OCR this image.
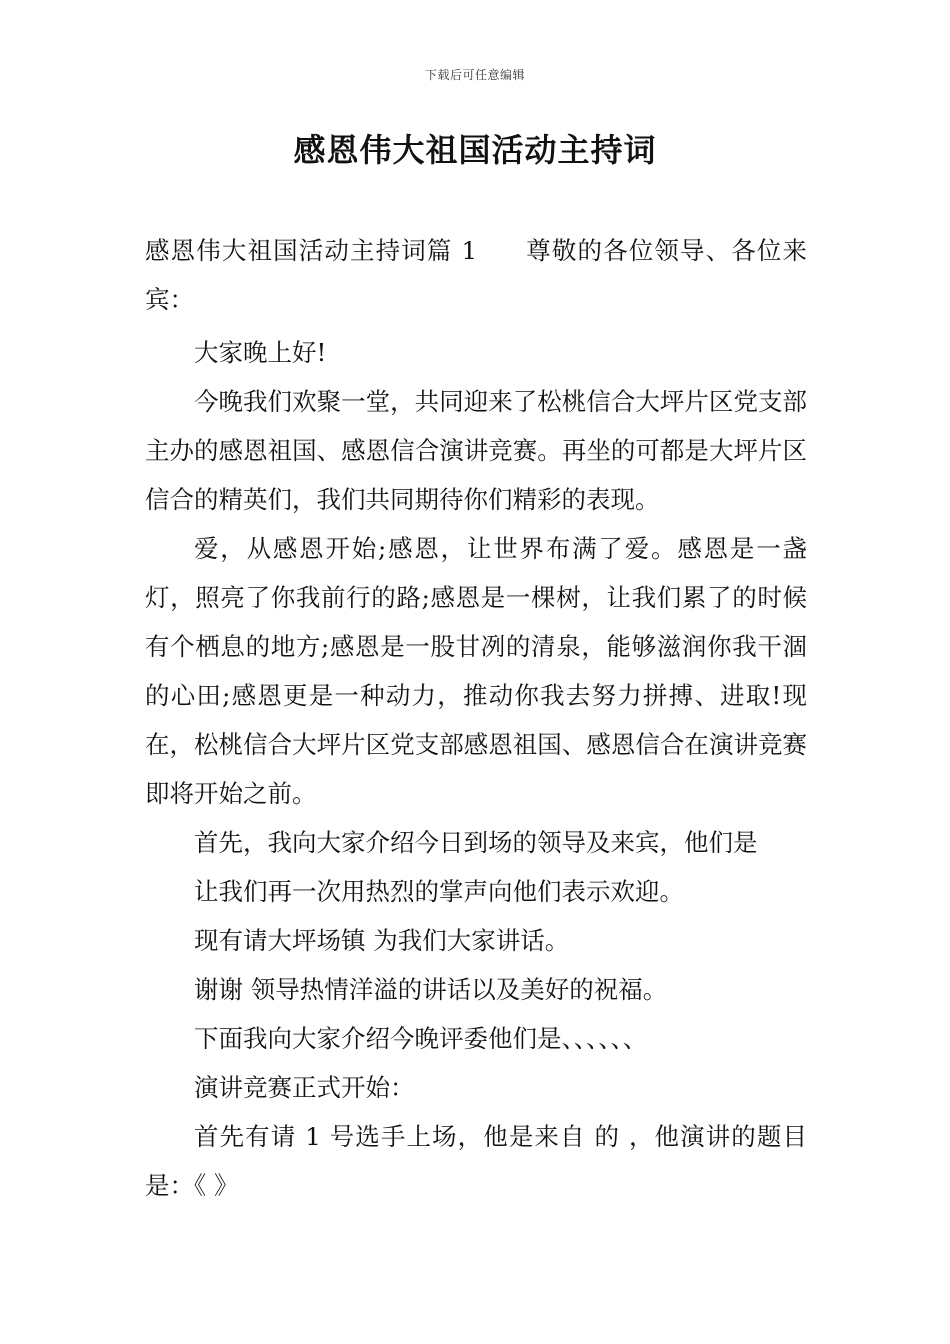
下载后可任意编辑
感恩伟大祖国活动主持词

感恩伟大祖国活动主持词篇 1 尊敬的各位领导、各位来宾：

大家晚上好!

今晚我们欢聚一堂，共同迎来了松桃信合大坪片区党支部主办的感恩祖国、感恩信合演讲竞赛。再坐的可都是大坪片区信合的精英们，我们共同期待你们精彩的表现。

爱，从感恩开始;感恩，让世界布满了爱。感恩是一盏灯，照亮了你我前行的路;感恩是一棵树，让我们累了的时候有个栖息的地方;感恩是一股甘冽的清泉，能够滋润你我干涸的心田;感恩更是一种动力，推动你我去努力拼搏、进取!现在，松桃信合大坪片区党支部感恩祖国、感恩信合在演讲竞赛即将开始之前。

首先，我向大家介绍今日到场的领导及来宾，他们是

让我们再一次用热烈的掌声向他们表示欢迎。

现有请大坪场镇 为我们大家讲话。

谢谢 领导热情洋溢的讲话以及美好的祝福。

下面我向大家介绍今晚评委他们是、、、、、、

演讲竞赛正式开始：

首先有请 1 号选手上场，他是来自 的 ，他演讲的题目是：《 》
